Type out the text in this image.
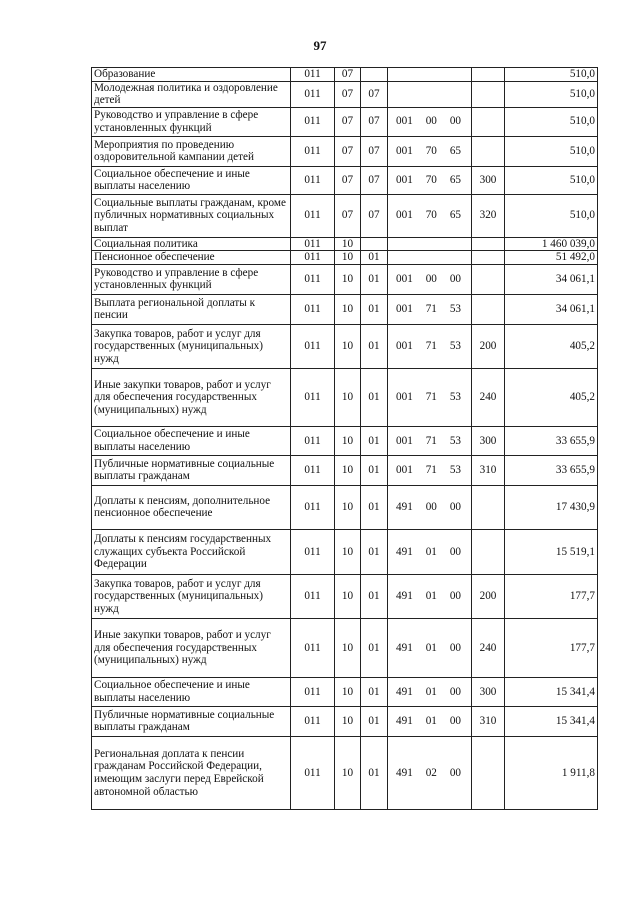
97
Образование	011	07				510,0
Молодежная политика и оздоровление детей	011	07	07			510,0
Руководство и управление в сфере установленных функций	011	07	07	001 00 00		510,0
Мероприятия по проведению оздоровительной кампании детей	011	07	07	001 70 65		510,0
Социальное обеспечение и иные выплаты населению	011	07	07	001 70 65	300	510,0
Социальные выплаты гражданам, кроме публичных нормативных социальных выплат	011	07	07	001 70 65	320	510,0
Социальная политика	011	10				1 460 039,0
Пенсионное обеспечение	011	10	01			51 492,0
Руководство и управление в сфере установленных функций	011	10	01	001 00 00		34 061,1
Выплата региональной доплаты к пенсии	011	10	01	001 71 53		34 061,1
Закупка товаров, работ и услуг для государственных (муниципальных) нужд	011	10	01	001 71 53	200	405,2
Иные закупки товаров, работ и услуг для обеспечения государственных (муниципальных) нужд	011	10	01	001 71 53	240	405,2
Социальное обеспечение и иные выплаты населению	011	10	01	001 71 53	300	33 655,9
Публичные нормативные социальные выплаты гражданам	011	10	01	001 71 53	310	33 655,9
Доплаты к пенсиям, дополнительное пенсионное обеспечение	011	10	01	491 00 00		17 430,9
Доплаты к пенсиям государственных служащих субъекта Российской Федерации	011	10	01	491 01 00		15 519,1
Закупка товаров, работ и услуг для государственных (муниципальных) нужд	011	10	01	491 01 00	200	177,7
Иные закупки товаров, работ и услуг для обеспечения государственных (муниципальных) нужд	011	10	01	491 01 00	240	177,7
Социальное обеспечение и иные выплаты населению	011	10	01	491 01 00	300	15 341,4
Публичные нормативные социальные выплаты гражданам	011	10	01	491 01 00	310	15 341,4
Региональная доплата к пенсии гражданам Российской Федерации, имеющим заслуги перед Еврейской автономной областью	011	10	01	491 02 00		1 911,8
